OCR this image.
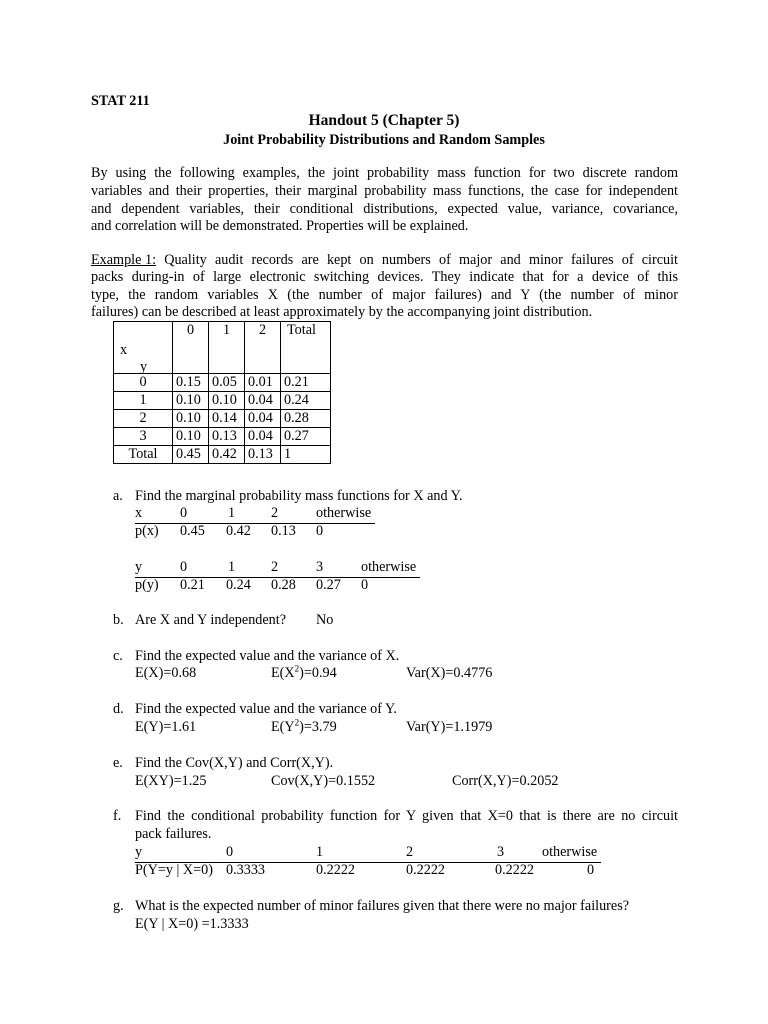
STAT 211
Handout 5 (Chapter 5)
Joint Probability Distributions and Random Samples
By using the following examples, the joint probability mass function for two discrete random
variables and their properties, their marginal probability mass functions, the case for independent
and dependent variables, their conditional distributions, expected value, variance, covariance,
and correlation will be demonstrated. Properties will be explained.
Example 1: Quality audit records are kept on numbers of major and minor failures of circuit
packs during-in of large electronic switching devices. They indicate that for a device of this
type, the random variables X (the number of major failures) and Y (the number of minor
failures) can be described at least approximately by the accompanying joint distribution.
x
y	0	1	2	Total
0	0.15	0.05	0.01	0.21
1	0.10	0.10	0.04	0.24
2	0.10	0.14	0.04	0.28
3	0.10	0.13	0.04	0.27
Total	0.45	0.42	0.13	1
a. Find the marginal probability mass functions for X and Y.
x	0	1	2	otherwise
p(x) 0.45 0.42 0.13 0
y	0	1	2	3	otherwise
p(y) 0.21 0.24 0.28 0.27 0
b. Are X and Y independent? No
c. Find the expected value and the variance of X.
E(X)=0.68	$E(X^2)=0.94$	Var(X)=0.4776
d. Find the expected value and the variance of Y.
E(Y)=1.61	$E(Y^2)=3.79$	Var(Y)=1.1979
e. Find the Cov(X,Y) and Corr(X,Y).
E(XY)=1.25	Cov(X,Y)=0.1552	Corr(X,Y)=0.2052
f. Find the conditional probability function for Y given that X=0 that is there are no circuit
pack failures.
y	0	1	2	3	otherwise
P(Y=y | X=0) 0.3333	0.2222	0.2222	0.2222	0
g. What is the expected number of minor failures given that there were no major failures?
E(Y | X=0) =1.3333
